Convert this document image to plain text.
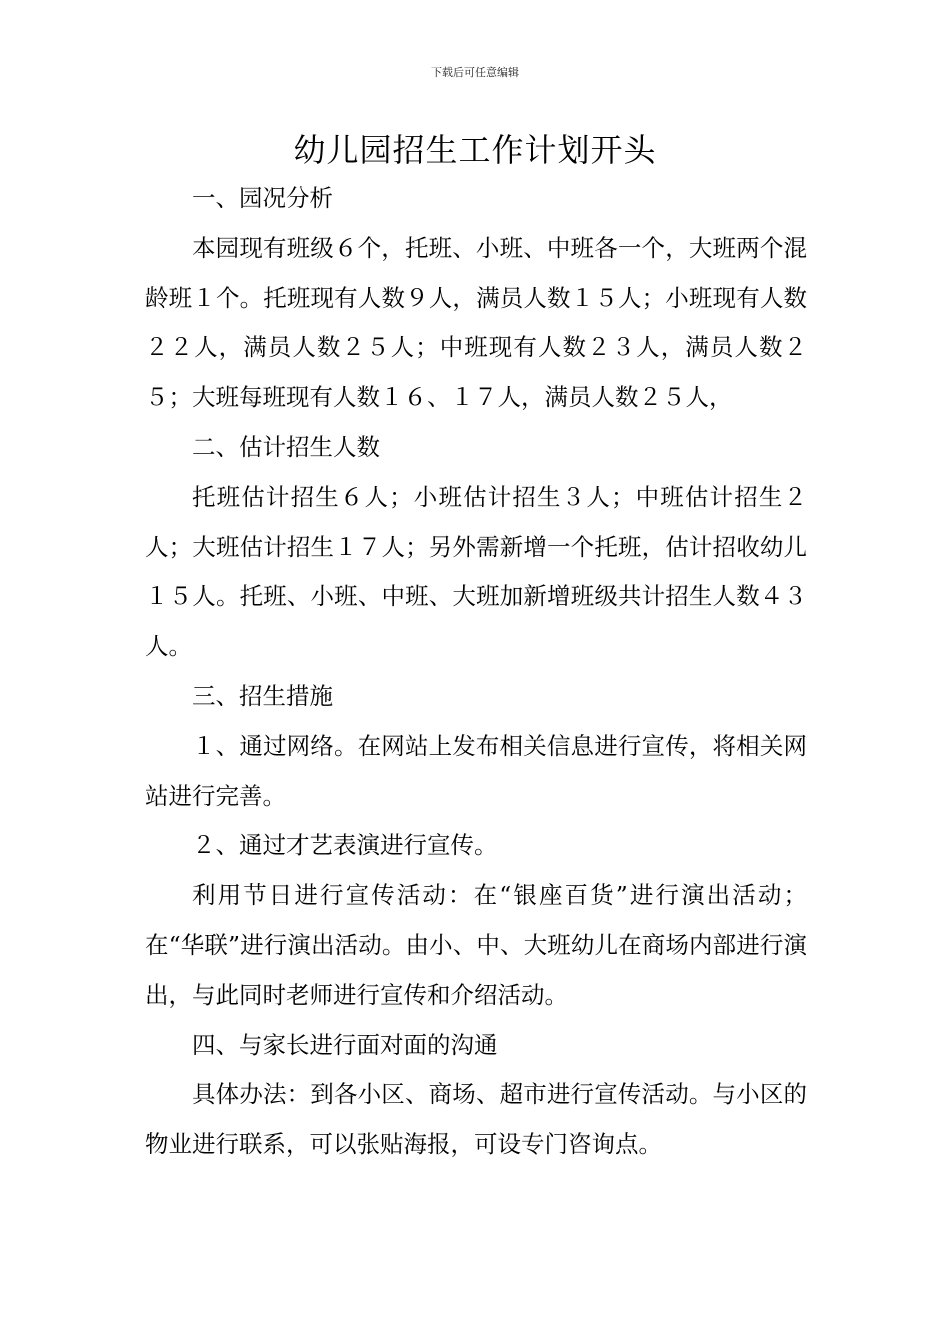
下载后可任意编辑
幼儿园招生工作计划开头

一、园况分析

本园现有班级６个，托班、小班、中班各一个，大班两个混龄班１个。托班现有人数９人，满员人数１５人；小班现有人数２２人，满员人数２５人；中班现有人数２３人，满员人数２５；大班每班现有人数１６、１７人，满员人数２５人，

二、估计招生人数

托班估计招生６人；小班估计招生３人；中班估计招生２人；大班估计招生１７人；另外需新增一个托班，估计招收幼儿１５人。托班、小班、中班、大班加新增班级共计招生人数４３人。

三、招生措施

１、通过网络。在网站上发布相关信息进行宣传，将相关网站进行完善。

２、通过才艺表演进行宣传。

利用节日进行宣传活动：在“银座百货”进行演出活动；在“华联”进行演出活动。由小、中、大班幼儿在商场内部进行演出，与此同时老师进行宣传和介绍活动。

四、与家长进行面对面的沟通

具体办法：到各小区、商场、超市进行宣传活动。与小区的物业进行联系，可以张贴海报，可设专门咨询点。
